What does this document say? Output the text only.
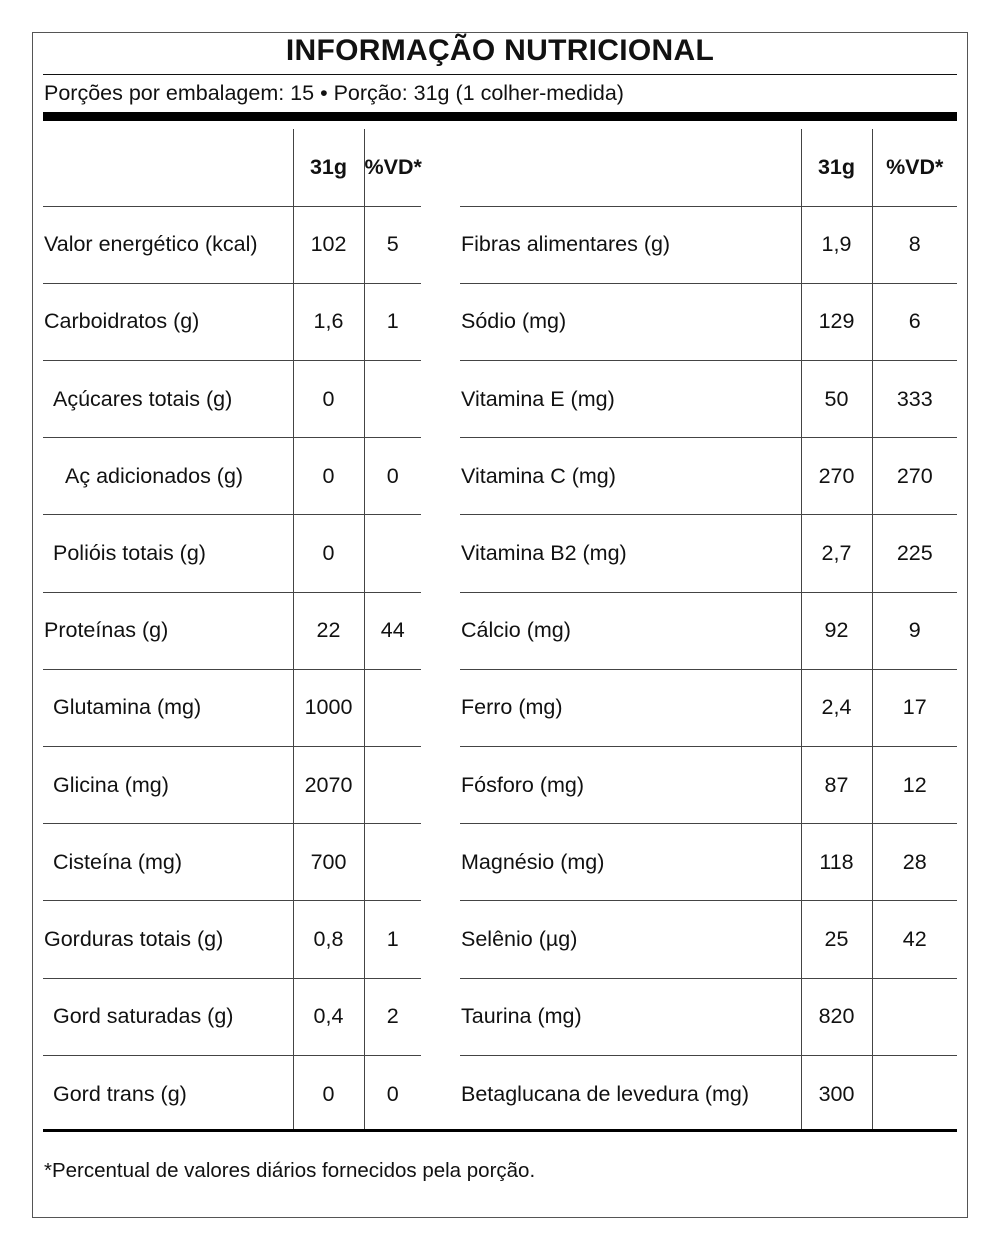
INFORMAÇÃO NUTRICIONAL
Porções por embalagem: 15 • Porção: 31g (1 colher-medida)
	31g	%VD*
Valor energético (kcal)	102	5
Carboidratos (g)	1,6	1
Açúcares totais (g)	0	
Aç adicionados (g)	0	0
Polióis totais (g)	0	
Proteínas (g)	22	44
Glutamina (mg)	1000	
Glicina (mg)	2070	
Cisteína (mg)	700	
Gorduras totais (g)	0,8	1
Gord saturadas (g)	0,4	2
Gord trans (g)	0	0
	31g	%VD*
Fibras alimentares (g)	1,9	8
Sódio (mg)	129	6
Vitamina E (mg)	50	333
Vitamina C (mg)	270	270
Vitamina B2 (mg)	2,7	225
Cálcio (mg)	92	9
Ferro (mg)	2,4	17
Fósforo (mg)	87	12
Magnésio (mg)	118	28
Selênio (µg)	25	42
Taurina (mg)	820	
Betaglucana de levedura (mg)	300	
*Percentual de valores diários fornecidos pela porção.
